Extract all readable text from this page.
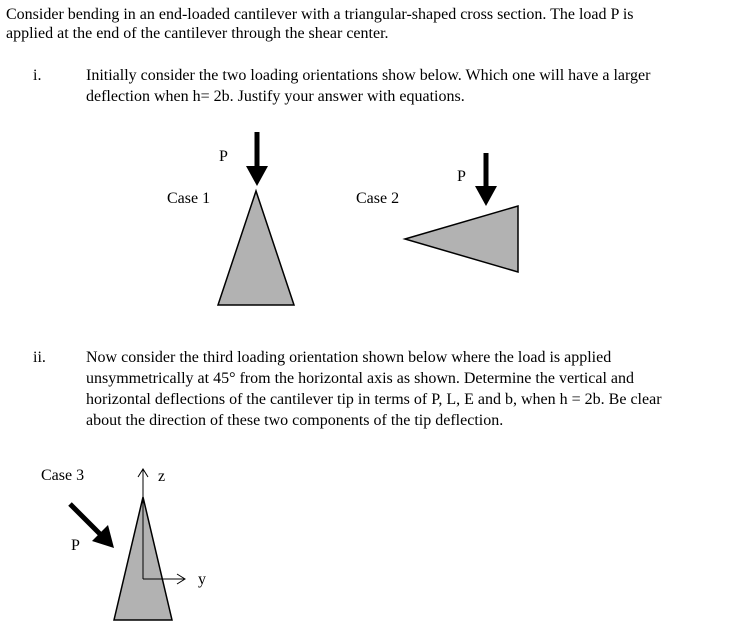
Consider bending in an end-loaded cantilever with a triangular-shaped cross section. The load P is
applied at the end of the cantilever through the shear center.
i.	Initially consider the two loading orientations show below. Which one will have a larger
deflection when h= 2b. Justify your answer with equations.
P
Case 1
P
Case 2
ii.	Now consider the third loading orientation shown below where the load is applied
unsymmetrically at 45° from the horizontal axis as shown. Determine the vertical and
horizontal deflections of the cantilever tip in terms of P, L, E and b, when h = 2b. Be clear
about the direction of these two components of the tip deflection.
Case 3
P
z
y
